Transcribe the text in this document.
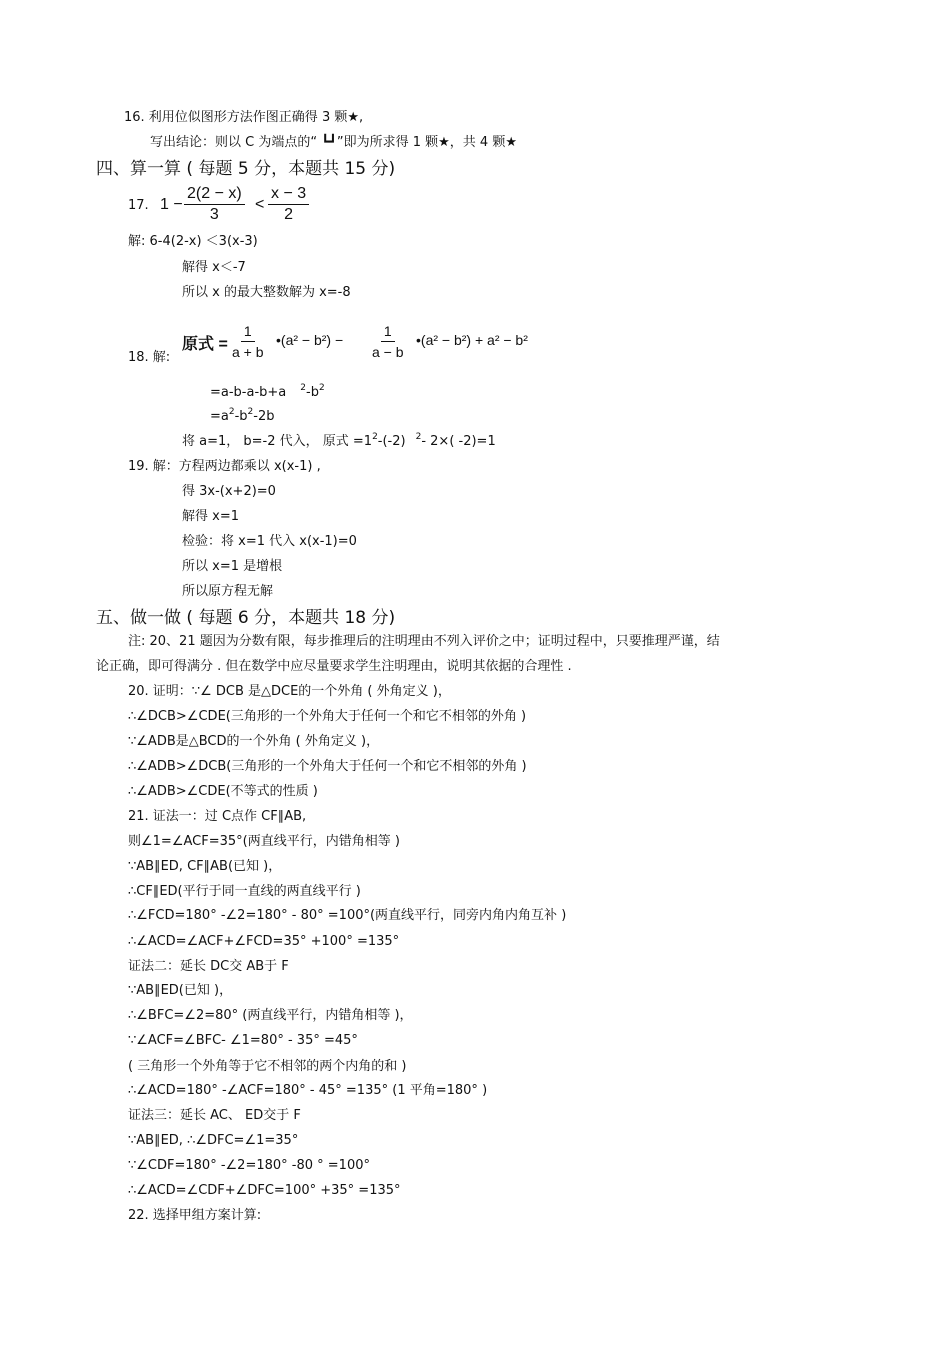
16. 利用位似图形方法作图正确得 3 颗★,
写出结论：则以 C 为端点的“ ┗┛”即为所求得 1 颗★，共 4 颗★
四、算一算 ( 每题 5 分，本题共 15 分)
17. $1 - \frac{2(2 - x)}{3} < \frac{x - 3}{2}$
解: 6-4(2-x) ＜3(x-3)
解得 x＜-7
所以 x 的最大整数解为 x=-8
18. 解:
原式 = $\frac{1}{a + b}$ •(a² − $b^2) - \frac{1}{a - b}$ •(a² − b²) + a² − b²
=a-b-a-b+a $^2-b^2$
$=a^2-b^2-2b$
将 a=1， b=-2 代入， 原式 $=1^2-(-2)$ $^2$- 2×( -2)=1
19. 解：方程两边都乘以 x(x-1) ,
得 3x-(x+2)=0
解得 x=1
检验：将 x=1 代入 x(x-1)=0
所以 x=1 是增根
所以原方程无解
五、做一做 ( 每题 6 分，本题共 18 分)
注: 20、21 题因为分数有限，每步推理后的注明理由不列入评价之中；证明过程中，只要推理严谨，结
论正确，即可得满分 . 但在数学中应尽量要求学生注明理由，说明其依据的合理性 .
20. 证明：∵∠ DCB 是△DCE的一个外角 ( 外角定义 )，
∴∠DCB>∠CDE(三角形的一个外角大于任何一个和它不相邻的外角 )
∵∠ADB是△BCD的一个外角 ( 外角定义 )，
∴∠ADB>∠DCB(三角形的一个外角大于任何一个和它不相邻的外角 )
∴∠ADB>∠CDE(不等式的性质 )
21. 证法一：过 C点作 CF∥AB,
则∠1=∠ACF=35°(两直线平行，内错角相等 )
∵AB∥ED, CF∥AB(已知 )，
∴CF∥ED(平行于同一直线的两直线平行 )
∴∠FCD=180° -∠2=180° - 80° =100°(两直线平行，同旁内角内角互补 )
∴∠ACD=∠ACF+∠FCD=35° +100° =135°
证法二：延长 DC交 AB于 F
∵AB∥ED(已知 )，
∴∠BFC=∠2=80° (两直线平行，内错角相等 )，
∵∠ACF=∠BFC- ∠1=80° - 35° =45°
( 三角形一个外角等于它不相邻的两个内角的和 )
∴∠ACD=180° -∠ACF=180° - 45° =135° (1 平角=180° )
证法三：延长 AC、 ED交于 F
∵AB∥ED, ∴∠DFC=∠1=35°
∵∠CDF=180° -∠2=180° -80 ° =100°
∴∠ACD=∠CDF+∠DFC=100° +35° =135°
22. 选择甲组方案计算:
